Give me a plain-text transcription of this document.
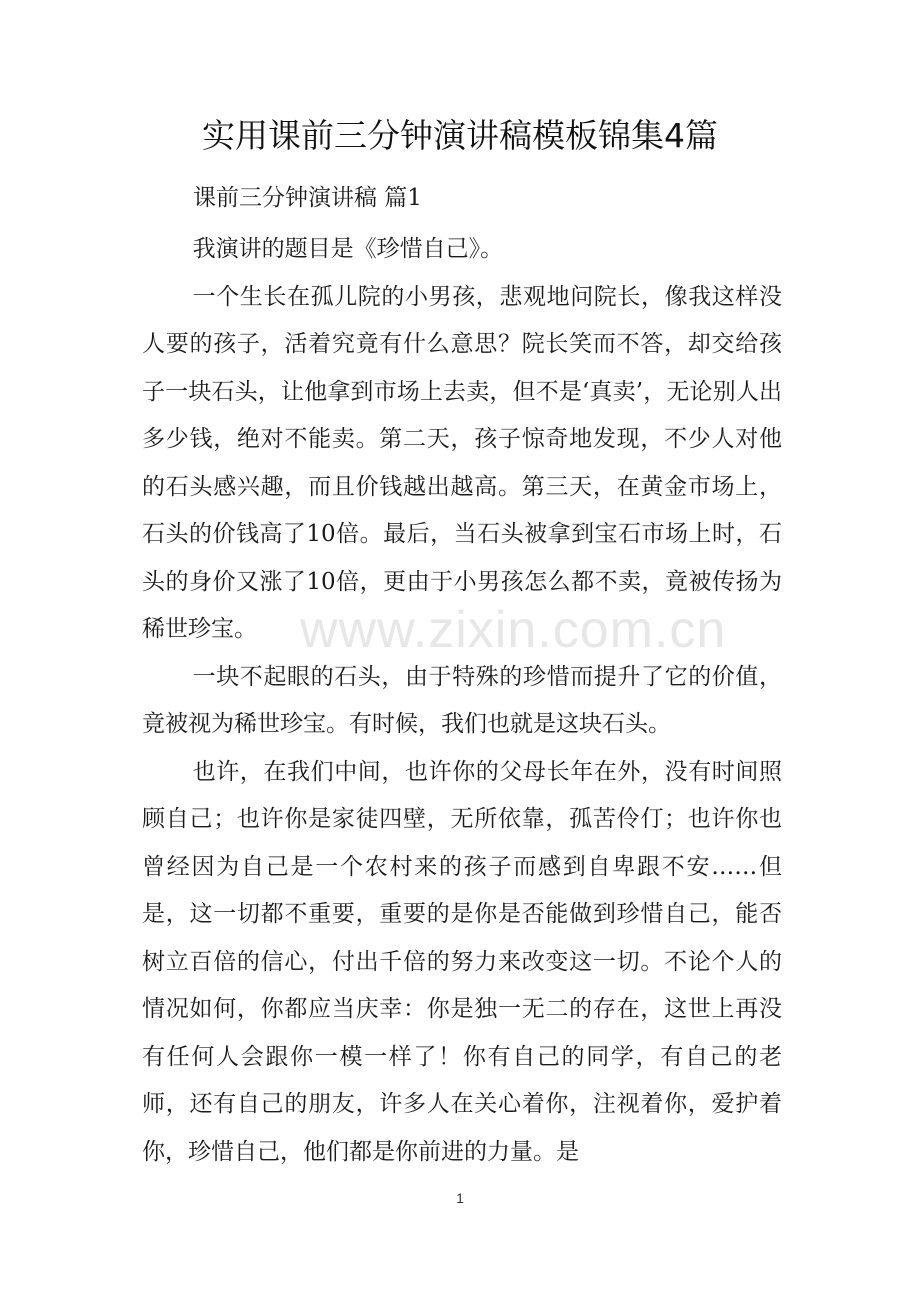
实用课前三分钟演讲稿模板锦集4篇
课前三分钟演讲稿 篇1

我演讲的题目是《珍惜自己》。

一个生长在孤儿院的小男孩，悲观地问院长，像我这样没人要的孩子，活着究竟有什么意思？院长笑而不答，却交给孩子一块石头，让他拿到市场上去卖，但不是‘真卖’，无论别人出多少钱，绝对不能卖。第二天，孩子惊奇地发现，不少人对他的石头感兴趣，而且价钱越出越高。第三天，在黄金市场上，石头的价钱高了10倍。最后，当石头被拿到宝石市场上时，石头的身价又涨了10倍，更由于小男孩怎么都不卖，竟被传扬为稀世珍宝。

一块不起眼的石头，由于特殊的珍惜而提升了它的价值，竟被视为稀世珍宝。有时候，我们也就是这块石头。

也许，在我们中间，也许你的父母长年在外，没有时间照顾自己；也许你是家徒四壁，无所依靠，孤苦伶仃；也许你也曾经因为自己是一个农村来的孩子而感到自卑跟不安……但是，这一切都不重要，重要的是你是否能做到珍惜自己，能否树立百倍的信心，付出千倍的努力来改变这一切。不论个人的情况如何，你都应当庆幸：你是独一无二的存在，这世上再没有任何人会跟你一模一样了！你有自己的同学，有自己的老师，还有自己的朋友，许多人在关心着你，注视着你，爱护着你，珍惜自己，他们都是你前进的力量。是

www.zixin.com.cn
1
